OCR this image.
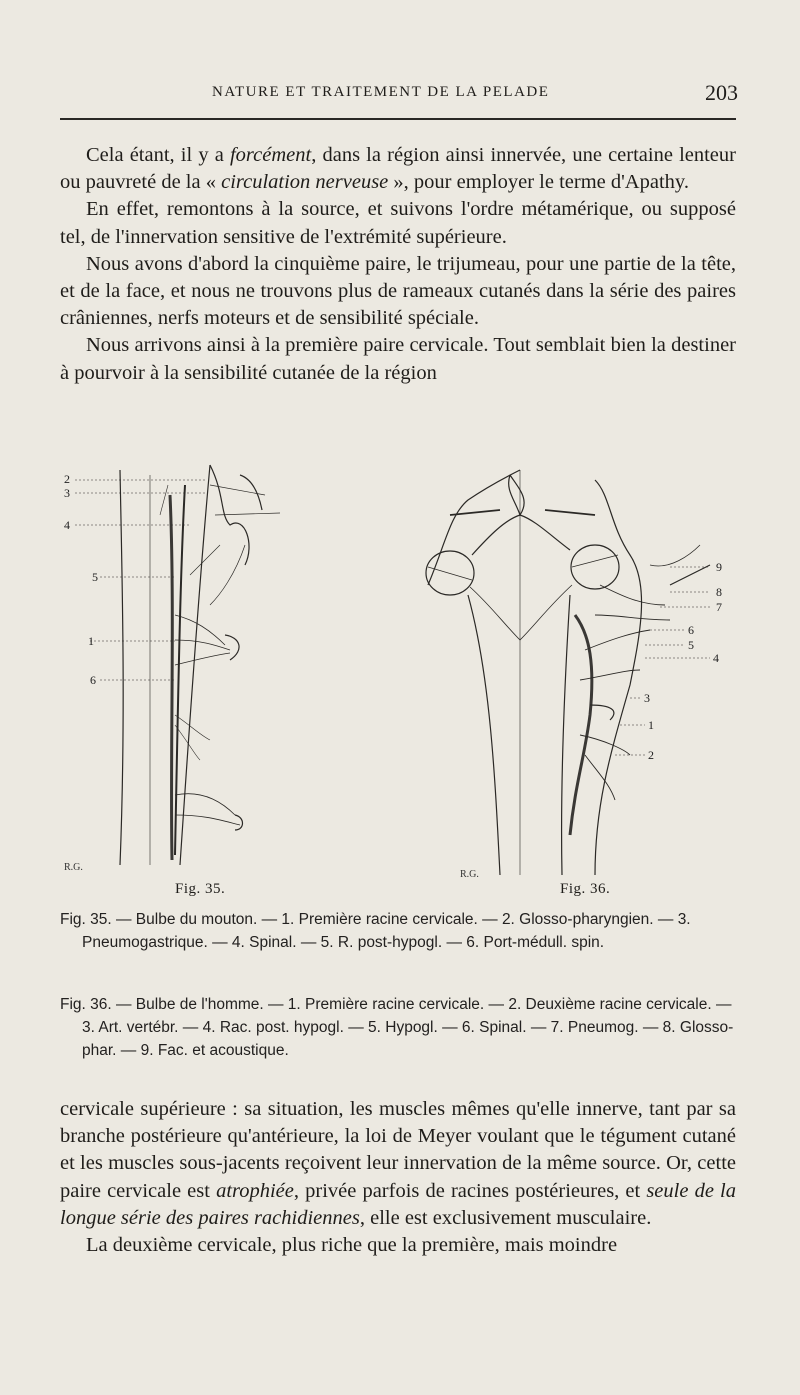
NATURE ET TRAITEMENT DE LA PELADE	203

Cela étant, il y a forcément, dans la région ainsi innervée, une certaine lenteur ou pauvreté de la « circulation nerveuse », pour employer le terme d'Apathy.

En effet, remontons à la source, et suivons l'ordre métamérique, ou supposé tel, de l'innervation sensitive de l'extrémité supérieure.

Nous avons d'abord la cinquième paire, le trijumeau, pour une partie de la tête, et de la face, et nous ne trouvons plus de rameaux cutanés dans la série des paires crâniennes, nerfs moteurs et de sensibilité spéciale.

Nous arrivons ainsi à la première paire cervicale. Tout semblait bien la destiner à pourvoir à la sensibilité cutanée de la région

2
3
4
5
1
6
R.G.
9
8
7
6
5
4
3
1
2
R.G.
Fig. 35.	Fig. 36.

Fig. 35. — Bulbe du mouton. — 1. Première racine cervicale. — 2. Glosso-pharyngien. — 3. Pneumogastrique. — 4. Spinal. — 5. R. post-hypogl. — 6. Port-médull. spin.

Fig. 36. — Bulbe de l'homme. — 1. Première racine cervicale. — 2. Deuxième racine cervicale. — 3. Art. vertébr. — 4. Rac. post. hypogl. — 5. Hypogl. — 6. Spinal. — 7. Pneumog. — 8. Glosso-phar. — 9. Fac. et acoustique.

cervicale supérieure : sa situation, les muscles mêmes qu'elle innerve, tant par sa branche postérieure qu'antérieure, la loi de Meyer voulant que le tégument cutané et les muscles sous-jacents reçoivent leur innervation de la même source. Or, cette paire cervicale est atrophiée, privée parfois de racines postérieures, et seule de la longue série des paires rachidiennes, elle est exclusivement musculaire.

La deuxième cervicale, plus riche que la première, mais moindre
